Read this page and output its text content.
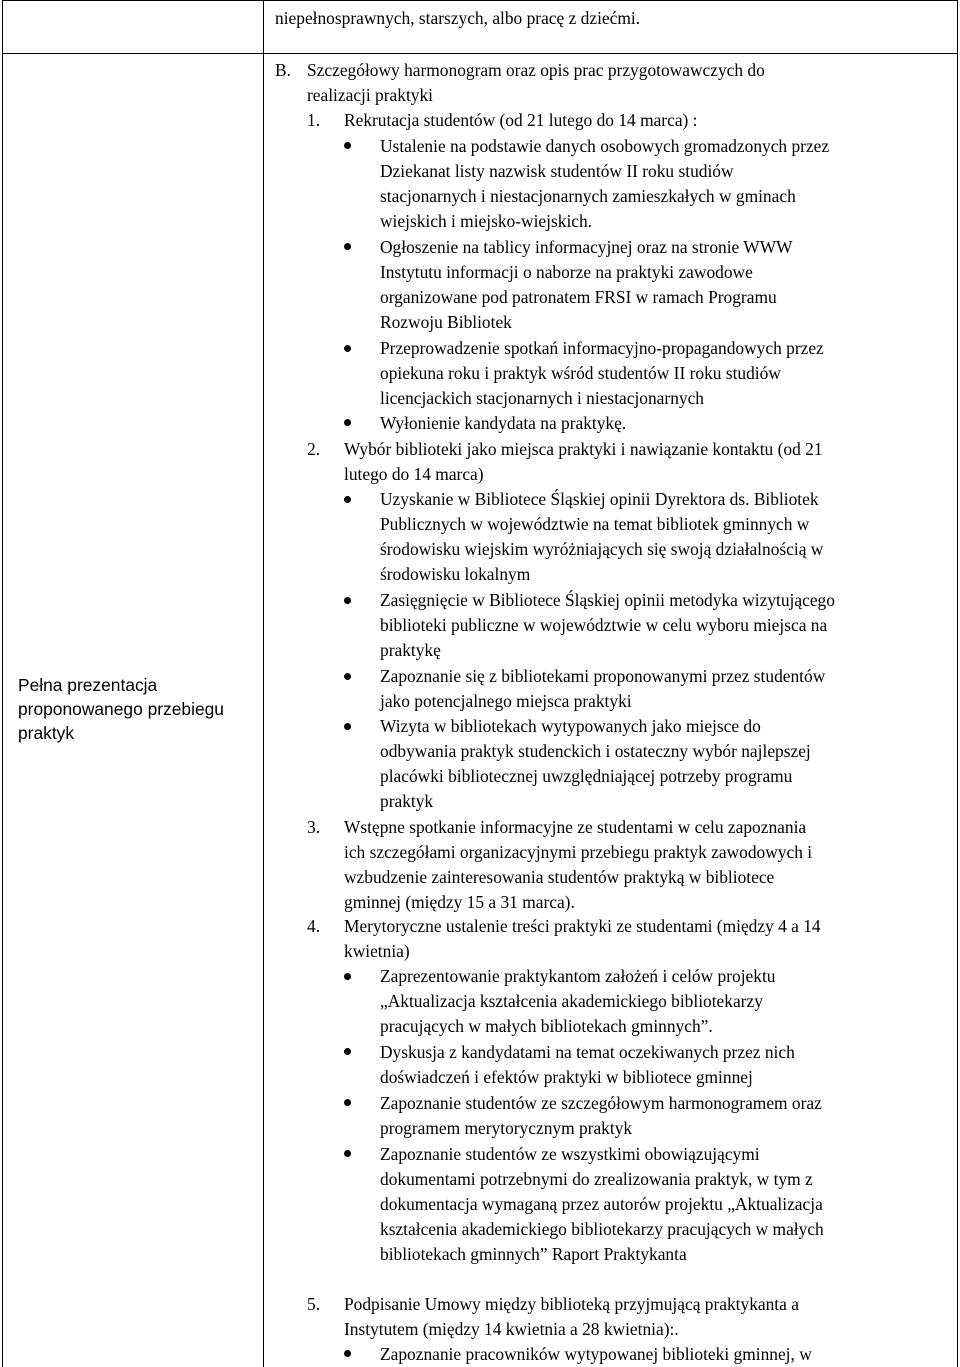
niepełnosprawnych, starszych, albo pracę z dziećmi.
Pełna prezentacja proponowanego przebiegu praktyk
B. Szczegółowy harmonogram oraz opis prac przygotowawczych do
realizacji praktyki
1. Rekrutacja studentów (od 21 lutego do 14 marca) :
Ustalenie na podstawie danych osobowych gromadzonych przez
Dziekanat listy nazwisk studentów II roku studiów
stacjonarnych i niestacjonarnych zamieszkałych w gminach
wiejskich i miejsko-wiejskich.
Ogłoszenie na tablicy informacyjnej oraz na stronie WWW
Instytutu informacji o naborze na praktyki zawodowe
organizowane pod patronatem FRSI w ramach Programu
Rozwoju Bibliotek
Przeprowadzenie spotkań informacyjno-propagandowych przez
opiekuna roku i praktyk wśród studentów II roku studiów
licencjackich stacjonarnych i niestacjonarnych
Wyłonienie kandydata na praktykę.
2. Wybór biblioteki jako miejsca praktyki i nawiązanie kontaktu (od 21
lutego do 14 marca)
Uzyskanie w Bibliotece Śląskiej opinii Dyrektora ds. Bibliotek
Publicznych w województwie na temat bibliotek gminnych w
środowisku wiejskim wyróżniających się swoją działalnością w
środowisku lokalnym
Zasięgnięcie w Bibliotece Śląskiej opinii metodyka wizytującego
biblioteki publiczne w województwie w celu wyboru miejsca na
praktykę
Zapoznanie się z bibliotekami proponowanymi przez studentów
jako potencjalnego miejsca praktyki
Wizyta w bibliotekach wytypowanych jako miejsce do
odbywania praktyk studenckich i ostateczny wybór najlepszej
placówki bibliotecznej uwzględniającej potrzeby programu
praktyk
3. Wstępne spotkanie informacyjne ze studentami w celu zapoznania
ich szczegółami organizacyjnymi przebiegu praktyk zawodowych i
wzbudzenie zainteresowania studentów praktyką w bibliotece
gminnej (między 15 a 31 marca).
4. Merytoryczne ustalenie treści praktyki ze studentami (między 4 a 14
kwietnia)
Zaprezentowanie praktykantom założeń i celów projektu
„Aktualizacja kształcenia akademickiego bibliotekarzy
pracujących w małych bibliotekach gminnych”.
Dyskusja z kandydatami na temat oczekiwanych przez nich
doświadczeń i efektów praktyki w bibliotece gminnej
Zapoznanie studentów ze szczegółowym harmonogramem oraz
programem merytorycznym praktyk
Zapoznanie studentów ze wszystkimi obowiązującymi
dokumentami potrzebnymi do zrealizowania praktyk, w tym z
dokumentacja wymaganą przez autorów projektu „Aktualizacja
kształcenia akademickiego bibliotekarzy pracujących w małych
bibliotekach gminnych” Raport Praktykanta
5. Podpisanie Umowy między biblioteką przyjmującą praktykanta a
Instytutem (między 14 kwietnia a 28 kwietnia):.
Zapoznanie pracowników wytypowanej biblioteki gminnej, w
